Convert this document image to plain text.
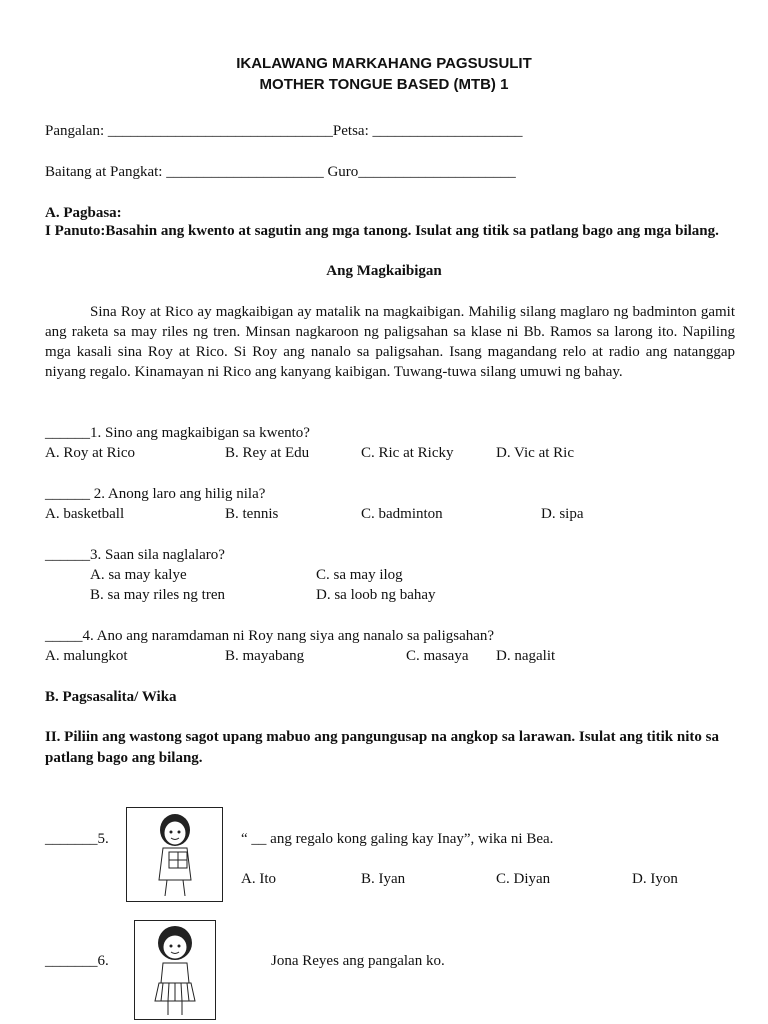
IKALAWANG MARKAHANG PAGSUSULIT
MOTHER TONGUE BASED (MTB) 1
Pangalan: ______________________________Petsa: ____________________
Baitang at Pangkat: _____________________ Guro_____________________
A. Pagbasa:
I Panuto:Basahin ang kwento at sagutin ang mga tanong. Isulat ang titik sa patlang bago ang mga bilang.
Ang Magkaibigan
Sina Roy at Rico ay magkaibigan ay matalik na magkaibigan. Mahilig silang maglaro ng badminton gamit ang raketa sa may riles ng tren. Minsan nagkaroon ng paligsahan sa klase ni Bb. Ramos sa larong ito. Napiling mga kasali sina Roy at Rico. Si Roy ang nanalo sa paligsahan. Isang magandang relo at radio ang natanggap niyang regalo. Kinamayan ni Rico ang kanyang kaibigan. Tuwang-tuwa silang umuwi ng bahay.
______1. Sino ang magkaibigan sa kwento?
A. Roy at Rico	B. Rey at Edu	C. Ric at Ricky	D. Vic at Ric
______ 2. Anong laro ang hilig nila?
A. basketball	B. tennis	C. badminton	D. sipa
______3. Saan sila naglalaro?
A. sa may kalye
B. sa may riles ng tren
C. sa may ilog
D. sa loob ng bahay
_____4. Ano ang naramdaman ni Roy nang siya ang nanalo sa paligsahan?
A. malungkot	B. mayabang	C. masaya D. nagalit
B. Pagsasalita/ Wika
II. Piliin ang wastong sagot upang mabuo ang pangungusap na angkop sa larawan. Isulat ang titik nito sa patlang bago ang bilang.
_______5.	“ __ ang regalo kong galing kay Inay”, wika ni Bea.
A. Ito	B. Iyan	C. Diyan	D. Iyon
_______6.	Jona Reyes ang pangalan ko.
